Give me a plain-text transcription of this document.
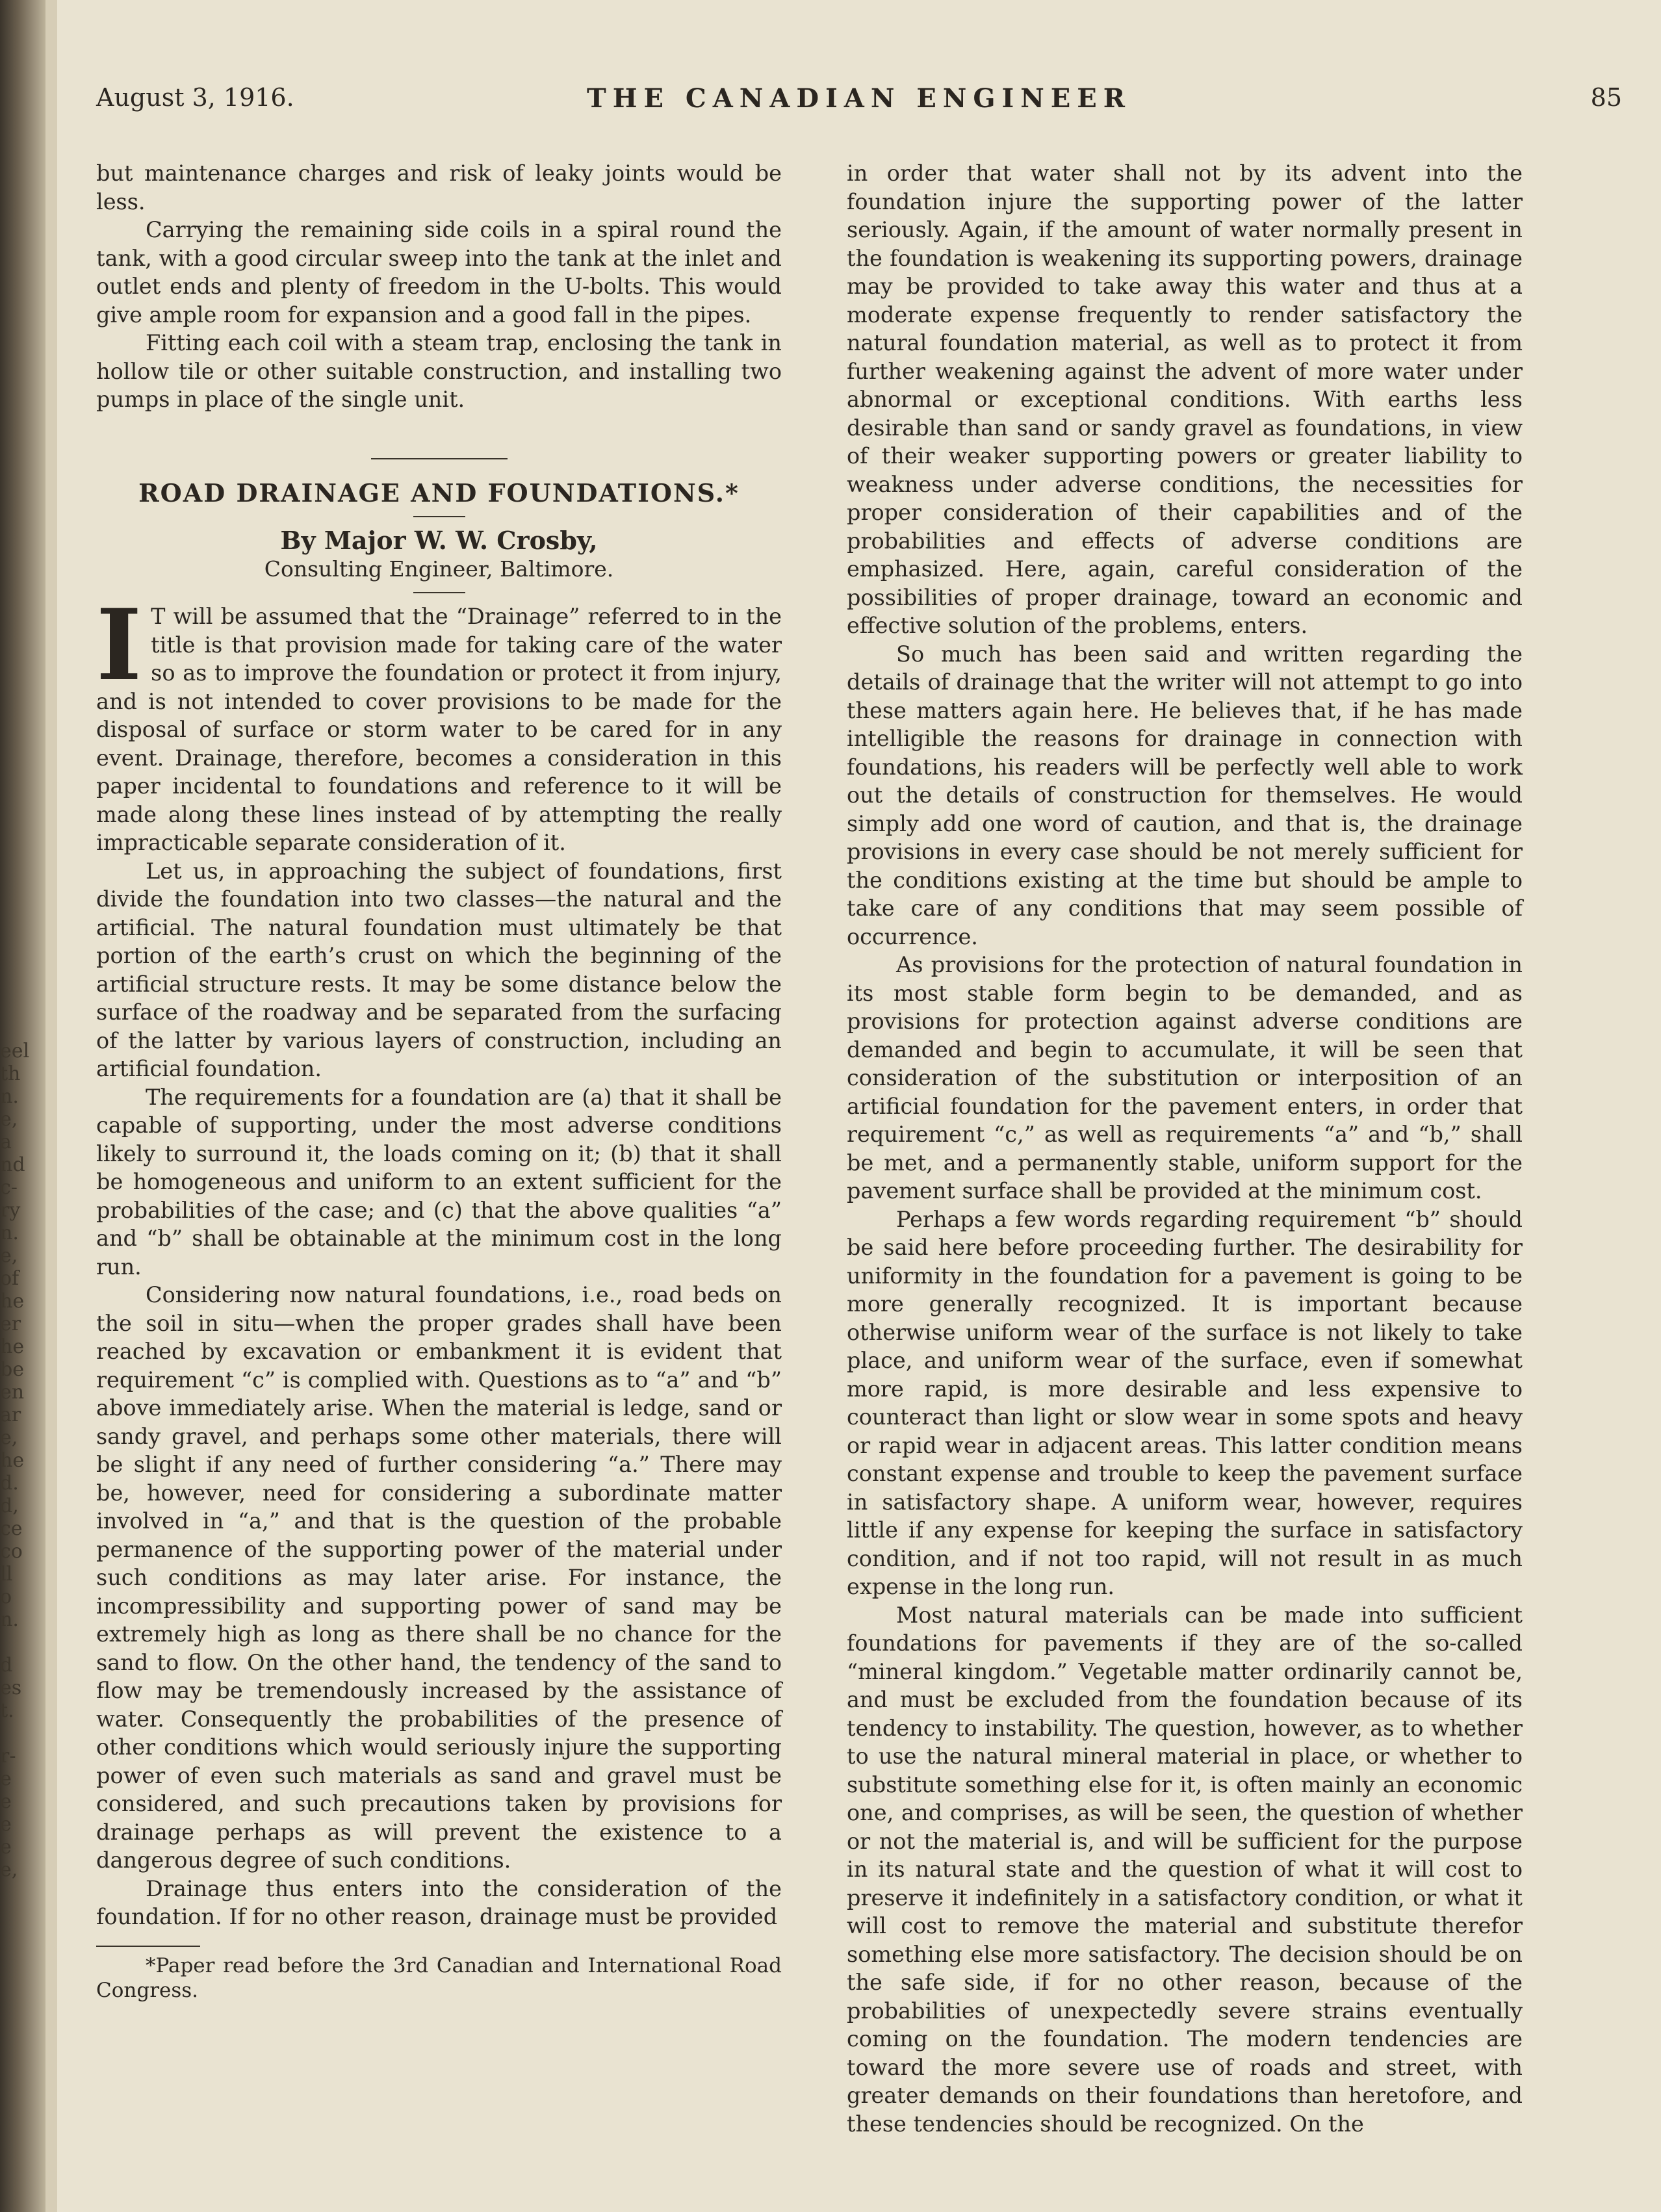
eel
th
n.
e,
a
nd
c-
ry
n.
e,
of
he
er
he
be
en
ar
e,
he
d.
d,
ce
co
ll
o
n.
d
es
t.
r-
e
e
e
e
e,
August 3, 1916.	THE CANADIAN ENGINEER	85

but maintenance charges and risk of leaky joints would be less.

Carrying the remaining side coils in a spiral round the tank, with a good circular sweep into the tank at the inlet and outlet ends and plenty of freedom in the U-bolts. This would give ample room for expansion and a good fall in the pipes.

Fitting each coil with a steam trap, enclosing the tank in hollow tile or other suitable construction, and installing two pumps in place of the single unit.

ROAD DRAINAGE AND FOUNDATIONS.*
By Major W. W. Crosby,
Consulting Engineer, Baltimore.

I T will be assumed that the “Drainage” referred to in the title is that provision made for taking care of the water so as to improve the foundation or protect it from injury, and is not intended to cover provisions to be made for the disposal of surface or storm water to be cared for in any event. Drainage, therefore, becomes a consideration in this paper incidental to foundations and reference to it will be made along these lines instead of by attempting the really impracticable separate consideration of it.

Let us, in approaching the subject of foundations, first divide the foundation into two classes—the natural and the artificial. The natural foundation must ultimately be that portion of the earth’s crust on which the beginning of the artificial structure rests. It may be some distance below the surface of the roadway and be separated from the surfacing of the latter by various layers of construction, including an artificial foundation.

The requirements for a foundation are (a) that it shall be capable of supporting, under the most adverse conditions likely to surround it, the loads coming on it; (b) that it shall be homogeneous and uniform to an extent sufficient for the probabilities of the case; and (c) that the above qualities “a” and “b” shall be obtainable at the minimum cost in the long run.

Considering now natural foundations, i.e., road beds on the soil in situ—when the proper grades shall have been reached by excavation or embankment it is evident that requirement “c” is complied with. Questions as to “a” and “b” above immediately arise. When the material is ledge, sand or sandy gravel, and perhaps some other materials, there will be slight if any need of further considering “a.” There may be, however, need for considering a subordinate matter involved in “a,” and that is the question of the probable permanence of the supporting power of the material under such conditions as may later arise. For instance, the incompressibility and supporting power of sand may be extremely high as long as there shall be no chance for the sand to flow. On the other hand, the tendency of the sand to flow may be tremendously increased by the assistance of water. Consequently the probabilities of the presence of other conditions which would seriously injure the supporting power of even such materials as sand and gravel must be considered, and such precautions taken by provisions for drainage perhaps as will prevent the existence to a dangerous degree of such conditions.

Drainage thus enters into the consideration of the foundation. If for no other reason, drainage must be provided

*Paper read before the 3rd Canadian and International Road Congress.

in order that water shall not by its advent into the foundation injure the supporting power of the latter seriously. Again, if the amount of water normally present in the foundation is weakening its supporting powers, drainage may be provided to take away this water and thus at a moderate expense frequently to render satisfactory the natural foundation material, as well as to protect it from further weakening against the advent of more water under abnormal or exceptional conditions. With earths less desirable than sand or sandy gravel as foundations, in view of their weaker supporting powers or greater liability to weakness under adverse conditions, the necessities for proper consideration of their capabilities and of the probabilities and effects of adverse conditions are emphasized. Here, again, careful consideration of the possibilities of proper drainage, toward an economic and effective solution of the problems, enters.

So much has been said and written regarding the details of drainage that the writer will not attempt to go into these matters again here. He believes that, if he has made intelligible the reasons for drainage in connection with foundations, his readers will be perfectly well able to work out the details of construction for themselves. He would simply add one word of caution, and that is, the drainage provisions in every case should be not merely sufficient for the conditions existing at the time but should be ample to take care of any conditions that may seem possible of occurrence.

As provisions for the protection of natural foundation in its most stable form begin to be demanded, and as provisions for protection against adverse conditions are demanded and begin to accumulate, it will be seen that consideration of the substitution or interposition of an artificial foundation for the pavement enters, in order that requirement “c,” as well as requirements “a” and “b,” shall be met, and a permanently stable, uniform support for the pavement surface shall be provided at the minimum cost.

Perhaps a few words regarding requirement “b” should be said here before proceeding further. The desirability for uniformity in the foundation for a pavement is going to be more generally recognized. It is important because otherwise uniform wear of the surface is not likely to take place, and uniform wear of the surface, even if somewhat more rapid, is more desirable and less expensive to counteract than light or slow wear in some spots and heavy or rapid wear in adjacent areas. This latter condition means constant expense and trouble to keep the pavement surface in satisfactory shape. A uniform wear, however, requires little if any expense for keeping the surface in satisfactory condition, and if not too rapid, will not result in as much expense in the long run.

Most natural materials can be made into sufficient foundations for pavements if they are of the so-called “mineral kingdom.” Vegetable matter ordinarily cannot be, and must be excluded from the foundation because of its tendency to instability. The question, however, as to whether to use the natural mineral material in place, or whether to substitute something else for it, is often mainly an economic one, and comprises, as will be seen, the question of whether or not the material is, and will be sufficient for the purpose in its natural state and the question of what it will cost to preserve it indefinitely in a satisfactory condition, or what it will cost to remove the material and substitute therefor something else more satisfactory. The decision should be on the safe side, if for no other reason, because of the probabilities of unexpectedly severe strains eventually coming on the foundation. The modern tendencies are toward the more severe use of roads and street, with greater demands on their foundations than heretofore, and these tendencies should be recognized. On the
